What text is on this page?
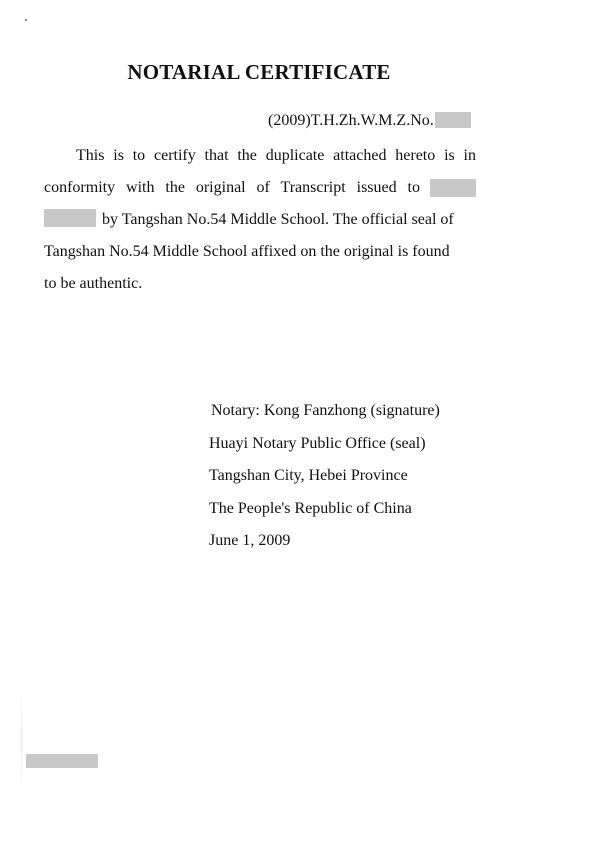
NOTARIAL CERTIFICATE
(2009)T.H.Zh.W.M.Z.No.
This is to certify that the duplicate attached hereto is in
conformity with the original of Transcript issued to
by Tangshan No.54 Middle School. The official seal of
Tangshan No.54 Middle School affixed on the original is found
to be authentic.
Notary: Kong Fanzhong (signature)
Huayi Notary Public Office (seal)
Tangshan City, Hebei Province
The People's Republic of China
June 1, 2009
